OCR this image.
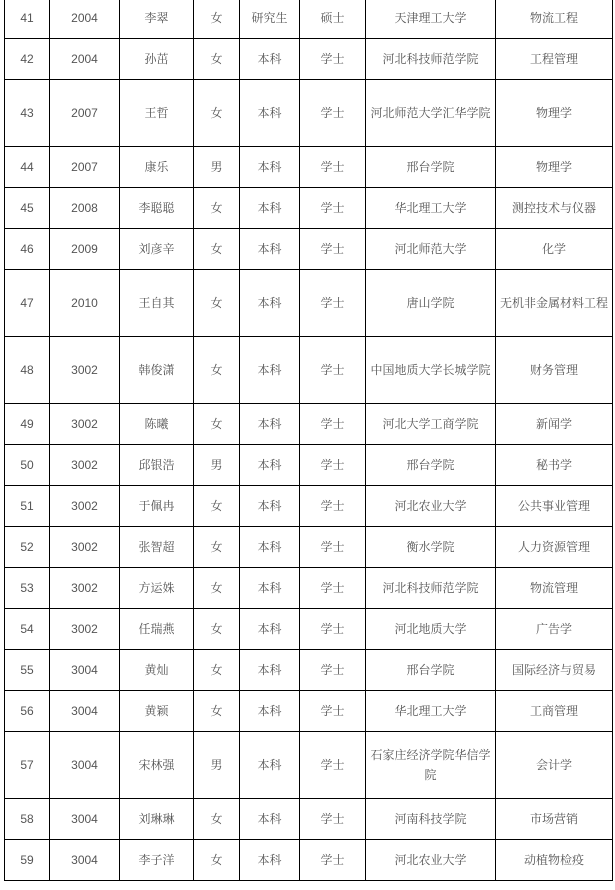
41	2004	李翠	女	研究生	硕士	天津理工大学	物流工程
42	2004	孙茁	女	本科	学士	河北科技师范学院	工程管理
43	2007	王哲	女	本科	学士	河北师范大学汇华学院	物理学
44	2007	康乐	男	本科	学士	邢台学院	物理学
45	2008	李聪聪	女	本科	学士	华北理工大学	测控技术与仪器
46	2009	刘彦辛	女	本科	学士	河北师范大学	化学
47	2010	王自其	女	本科	学士	唐山学院	无机非金属材料工程
48	3002	韩俊潇	女	本科	学士	中国地质大学长城学院	财务管理
49	3002	陈曦	女	本科	学士	河北大学工商学院	新闻学
50	3002	邱银浩	男	本科	学士	邢台学院	秘书学
51	3002	于佩冉	女	本科	学士	河北农业大学	公共事业管理
52	3002	张智超	女	本科	学士	衡水学院	人力资源管理
53	3002	方运姝	女	本科	学士	河北科技师范学院	物流管理
54	3002	任瑞燕	女	本科	学士	河北地质大学	广告学
55	3004	黄灿	女	本科	学士	邢台学院	国际经济与贸易
56	3004	黄颖	女	本科	学士	华北理工大学	工商管理
57	3004	宋林强	男	本科	学士	石家庄经济学院华信学院	会计学
58	3004	刘琳琳	女	本科	学士	河南科技学院	市场营销
59	3004	李子洋	女	本科	学士	河北农业大学	动植物检疫
